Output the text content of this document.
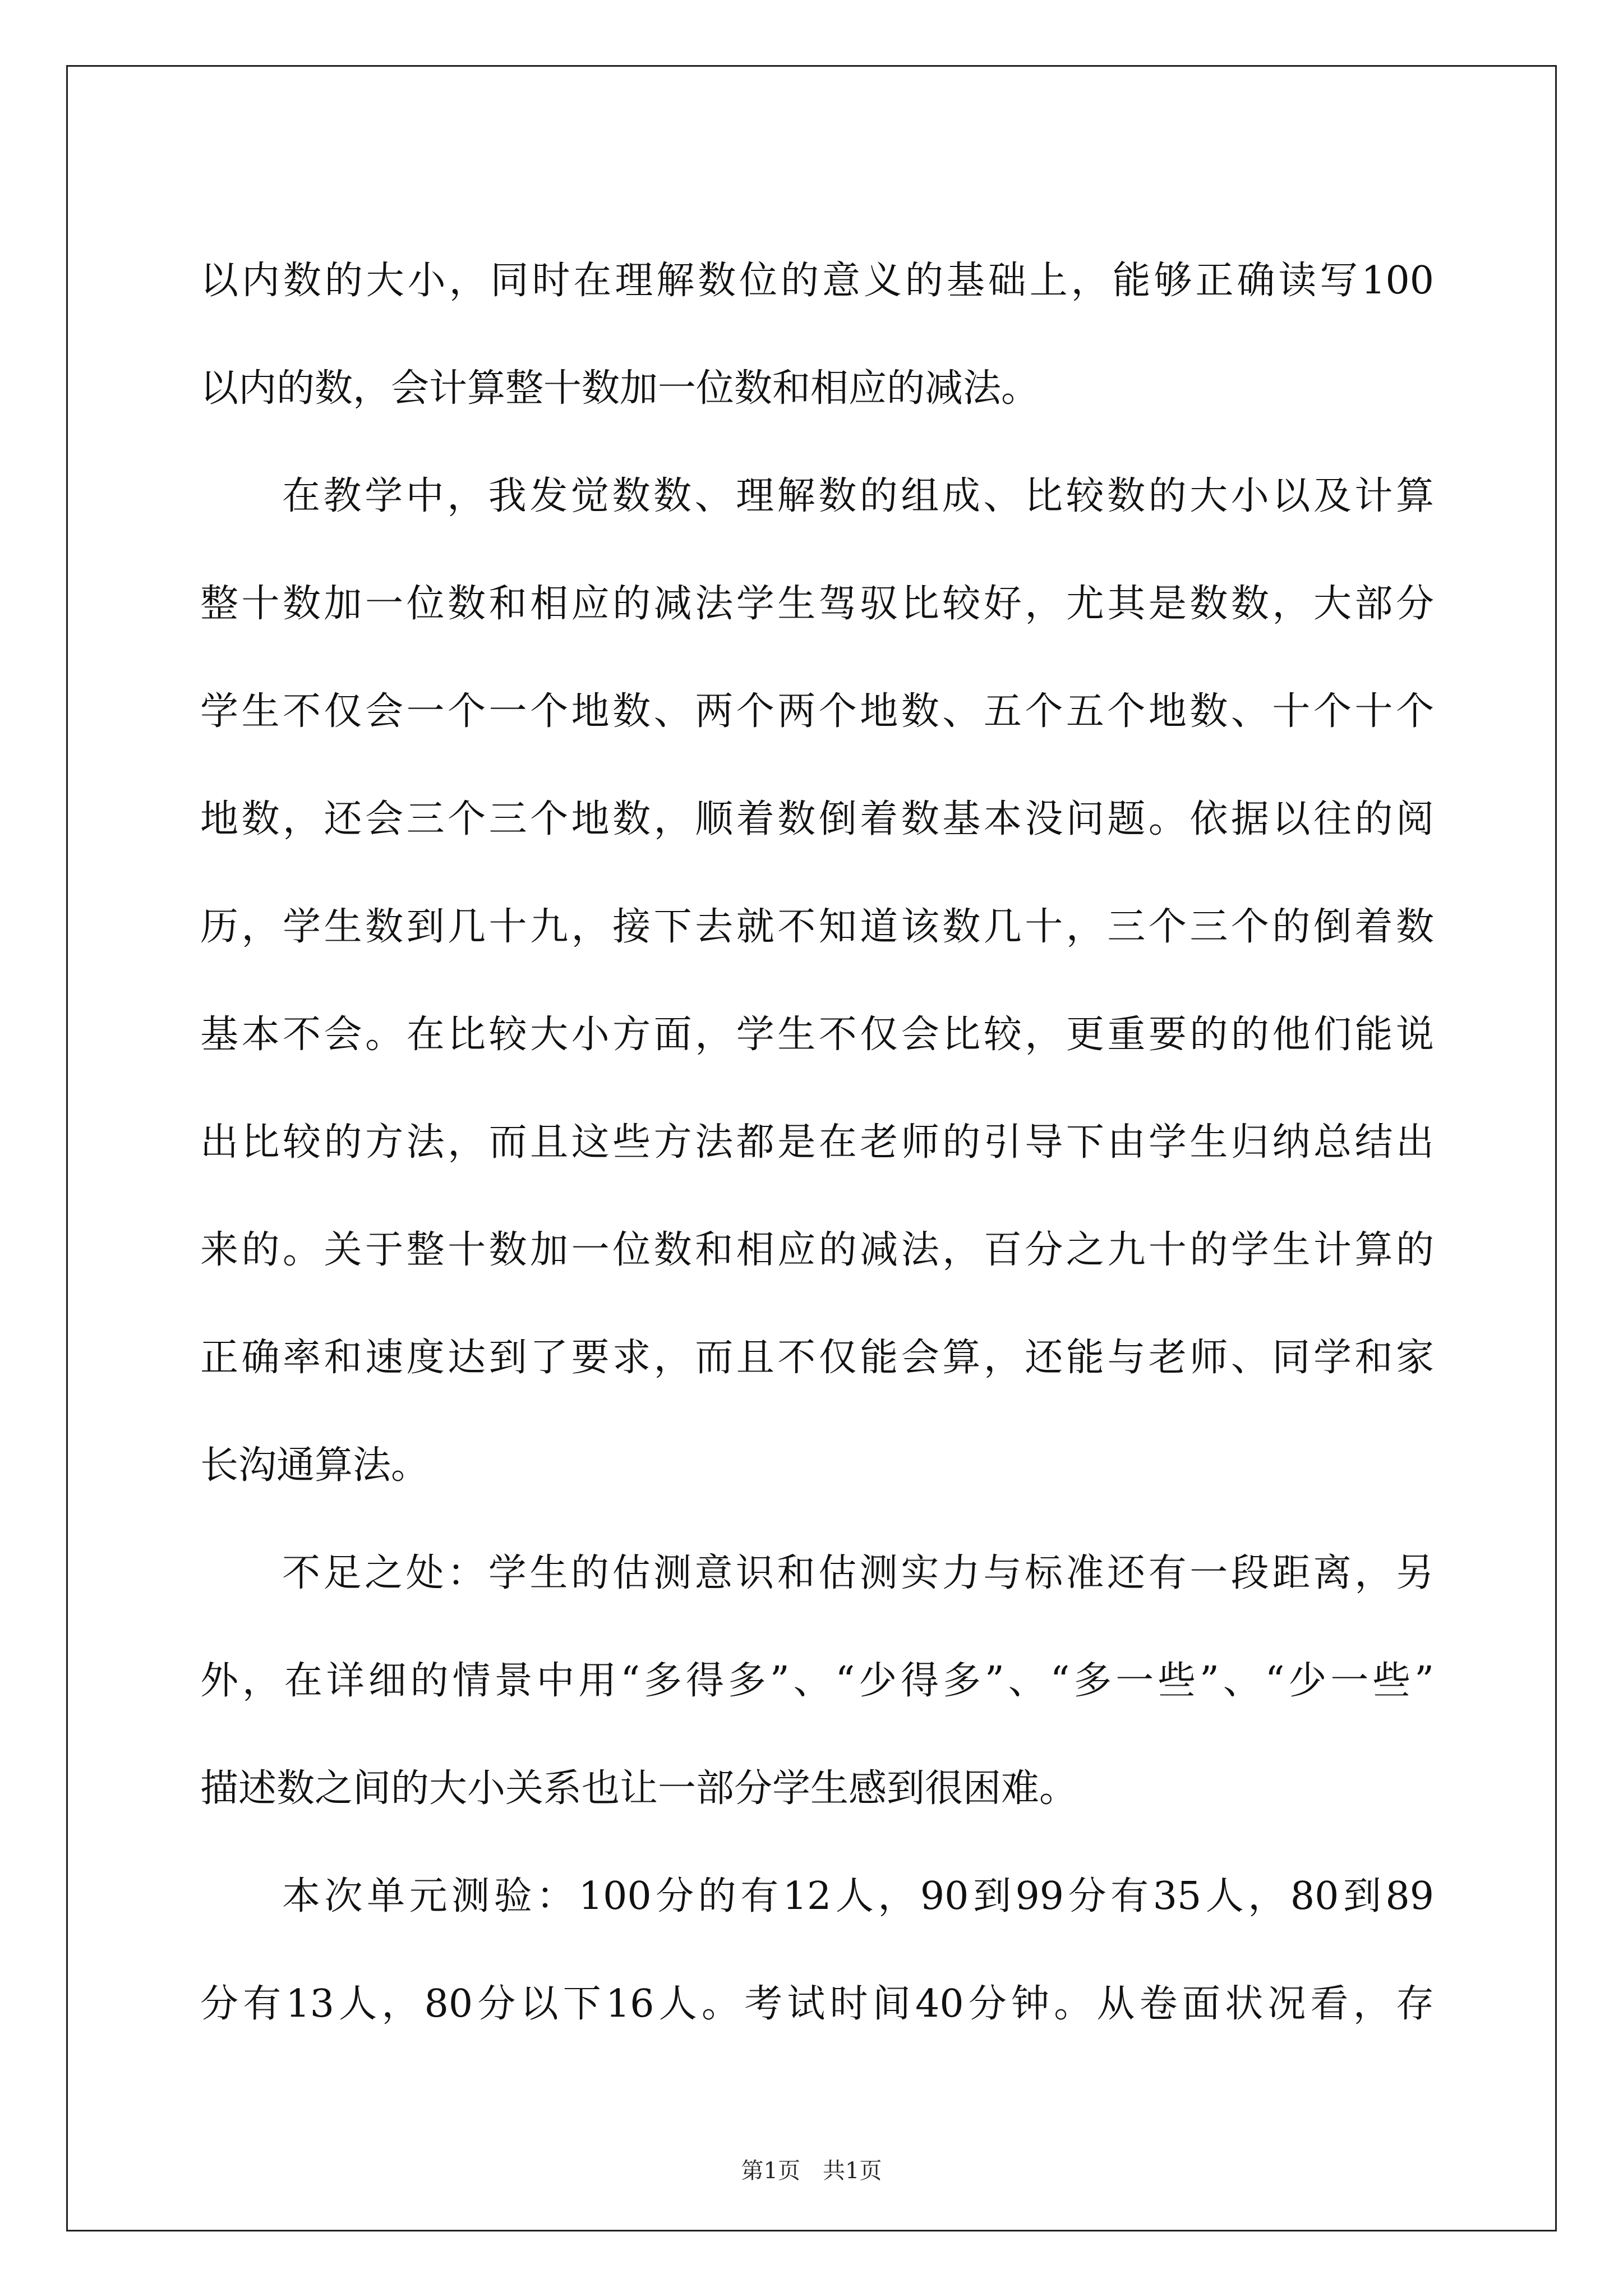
以内数的大小，同时在理解数位的意义的基础上，能够正确读写100
以内的数，会计算整十数加一位数和相应的减法。
在教学中，我发觉数数、理解数的组成、比较数的大小以及计算
整十数加一位数和相应的减法学生驾驭比较好，尤其是数数，大部分
学生不仅会一个一个地数、两个两个地数、五个五个地数、十个十个
地数，还会三个三个地数，顺着数倒着数基本没问题。依据以往的阅
历，学生数到几十九，接下去就不知道该数几十，三个三个的倒着数
基本不会。在比较大小方面，学生不仅会比较，更重要的的他们能说
出比较的方法，而且这些方法都是在老师的引导下由学生归纳总结出
来的。关于整十数加一位数和相应的减法，百分之九十的学生计算的
正确率和速度达到了要求，而且不仅能会算，还能与老师、同学和家
长沟通算法。
不足之处：学生的估测意识和估测实力与标准还有一段距离，另
外，在详细的情景中用“多得多”、“少得多”、“多一些”、“少一些”
描述数之间的大小关系也让一部分学生感到很困难。
本次单元测验：100分的有12人，90到99分有35人，80到89
分有13人，80分以下16人。考试时间40分钟。从卷面状况看，存
第1页　共1页
